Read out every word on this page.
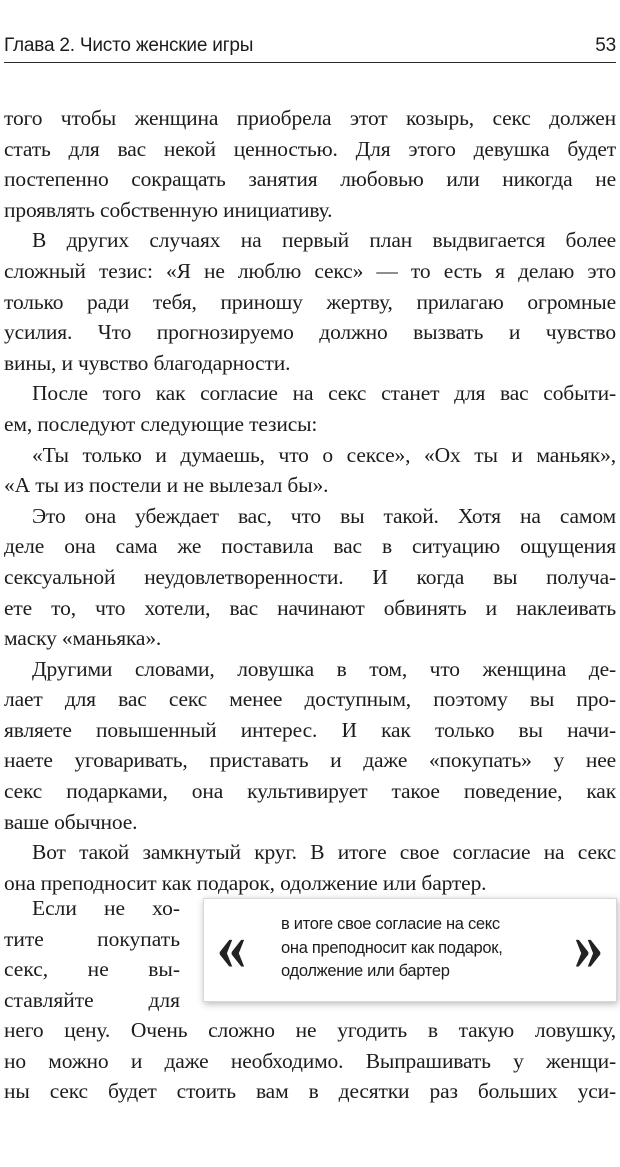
Глава 2. Чисто женские игры	53

того чтобы женщина приобрела этот козырь, секс должен
стать для вас некой ценностью. Для этого девушка будет
постепенно сокращать занятия любовью или никогда не
проявлять собственную инициативу.

В других случаях на первый план выдвигается более
сложный тезис: «Я не люблю секс» — то есть я делаю это
только ради тебя, приношу жертву, прилагаю огромные
усилия. Что прогнозируемо должно вызвать и чувство
вины, и чувство благодарности.

После того как согласие на секс станет для вас событи-
ем, последуют следующие тезисы:

«Ты только и думаешь, что о сексе», «Ох ты и маньяк»,
«А ты из постели и не вылезал бы».

Это она убеждает вас, что вы такой. Хотя на самом
деле она сама же поставила вас в ситуацию ощущения
сексуальной неудовлетворенности. И когда вы получа-
ете то, что хотели, вас начинают обвинять и наклеивать
маску «маньяка».

Другими словами, ловушка в том, что женщина де-
лает для вас секс менее доступным, поэтому вы про-
являете повышенный интерес. И как только вы начи-
наете уговаривать, приставать и даже «покупать» у нее
секс подарками, она культивирует такое поведение, как
ваше обычное.

Вот такой замкнутый круг. В итоге свое согласие на секс
она преподносит как подарок, одолжение или бартер.

Если не хо-
тите покупать
секс, не вы-
ставляйте для
него цену. Очень сложно не угодить в такую ловушку,
но можно и даже необходимо. Выпрашивать у женщи-
ны секс будет стоить вам в десятки раз больших уси-
« в итоге свое согласие на секс
она преподносит как подарок,
одолжение или бартер	»
